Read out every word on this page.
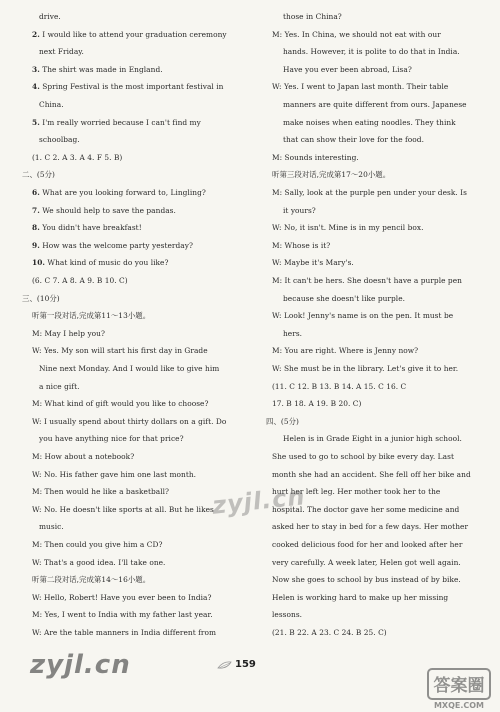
drive.
2. I would like to attend your graduation ceremony
next Friday.
3. The shirt was made in England.
4. Spring Festival is the most important festival in
China.
5. I'm really worried because I can't find my
schoolbag.
(1. C 2. A 3. A 4. F 5. B)
二、(5分)
6. What are you looking forward to, Lingling?
7. We should help to save the pandas.
8. You didn't have breakfast!
9. How was the welcome party yesterday?
10. What kind of music do you like?
(6. C 7. A 8. A 9. B 10. C)
三、(10分)
听第一段对话,完成第11～13小题。
M: May I help you?
W: Yes. My son will start his first day in Grade
Nine next Monday. And I would like to give him
a nice gift.
M: What kind of gift would you like to choose?
W: I usually spend about thirty dollars on a gift. Do
you have anything nice for that price?
M: How about a notebook?
W: No. His father gave him one last month.
M: Then would he like a basketball?
W: No. He doesn't like sports at all. But he likes
music.
M: Then could you give him a CD?
W: That's a good idea. I'll take one.
听第二段对话,完成第14～16小题。
W: Hello, Robert! Have you ever been to India?
M: Yes, I went to India with my father last year.
W: Are the table manners in India different from
those in China?
M: Yes. In China, we should not eat with our
hands. However, it is polite to do that in India.
Have you ever been abroad, Lisa?
W: Yes. I went to Japan last month. Their table
manners are quite different from ours. Japanese
make noises when eating noodles. They think
that can show their love for the food.
M: Sounds interesting.
听第三段对话,完成第17～20小题。
M: Sally, look at the purple pen under your desk. Is
it yours?
W: No, it isn't. Mine is in my pencil box.
M: Whose is it?
W: Maybe it's Mary's.
M: It can't be hers. She doesn't have a purple pen
because she doesn't like purple.
W: Look! Jenny's name is on the pen. It must be
hers.
M: You are right. Where is Jenny now?
W: She must be in the library. Let's give it to her.
(11. C 12. B 13. B 14. A 15. C 16. C
17. B 18. A 19. B 20. C)
四、(5分)
Helen is in Grade Eight in a junior high school.
She used to go to school by bike every day. Last
month she had an accident. She fell off her bike and
hurt her left leg. Her mother took her to the
hospital. The doctor gave her some medicine and
asked her to stay in bed for a few days. Her mother
cooked delicious food for her and looked after her
very carefully. A week later, Helen got well again.
Now she goes to school by bus instead of by bike.
Helen is working hard to make up her missing
lessons.
(21. B 22. A 23. C 24. B 25. C)
159
zyjl.cn
zyjl.cn
答案圈
MXQE.COM
